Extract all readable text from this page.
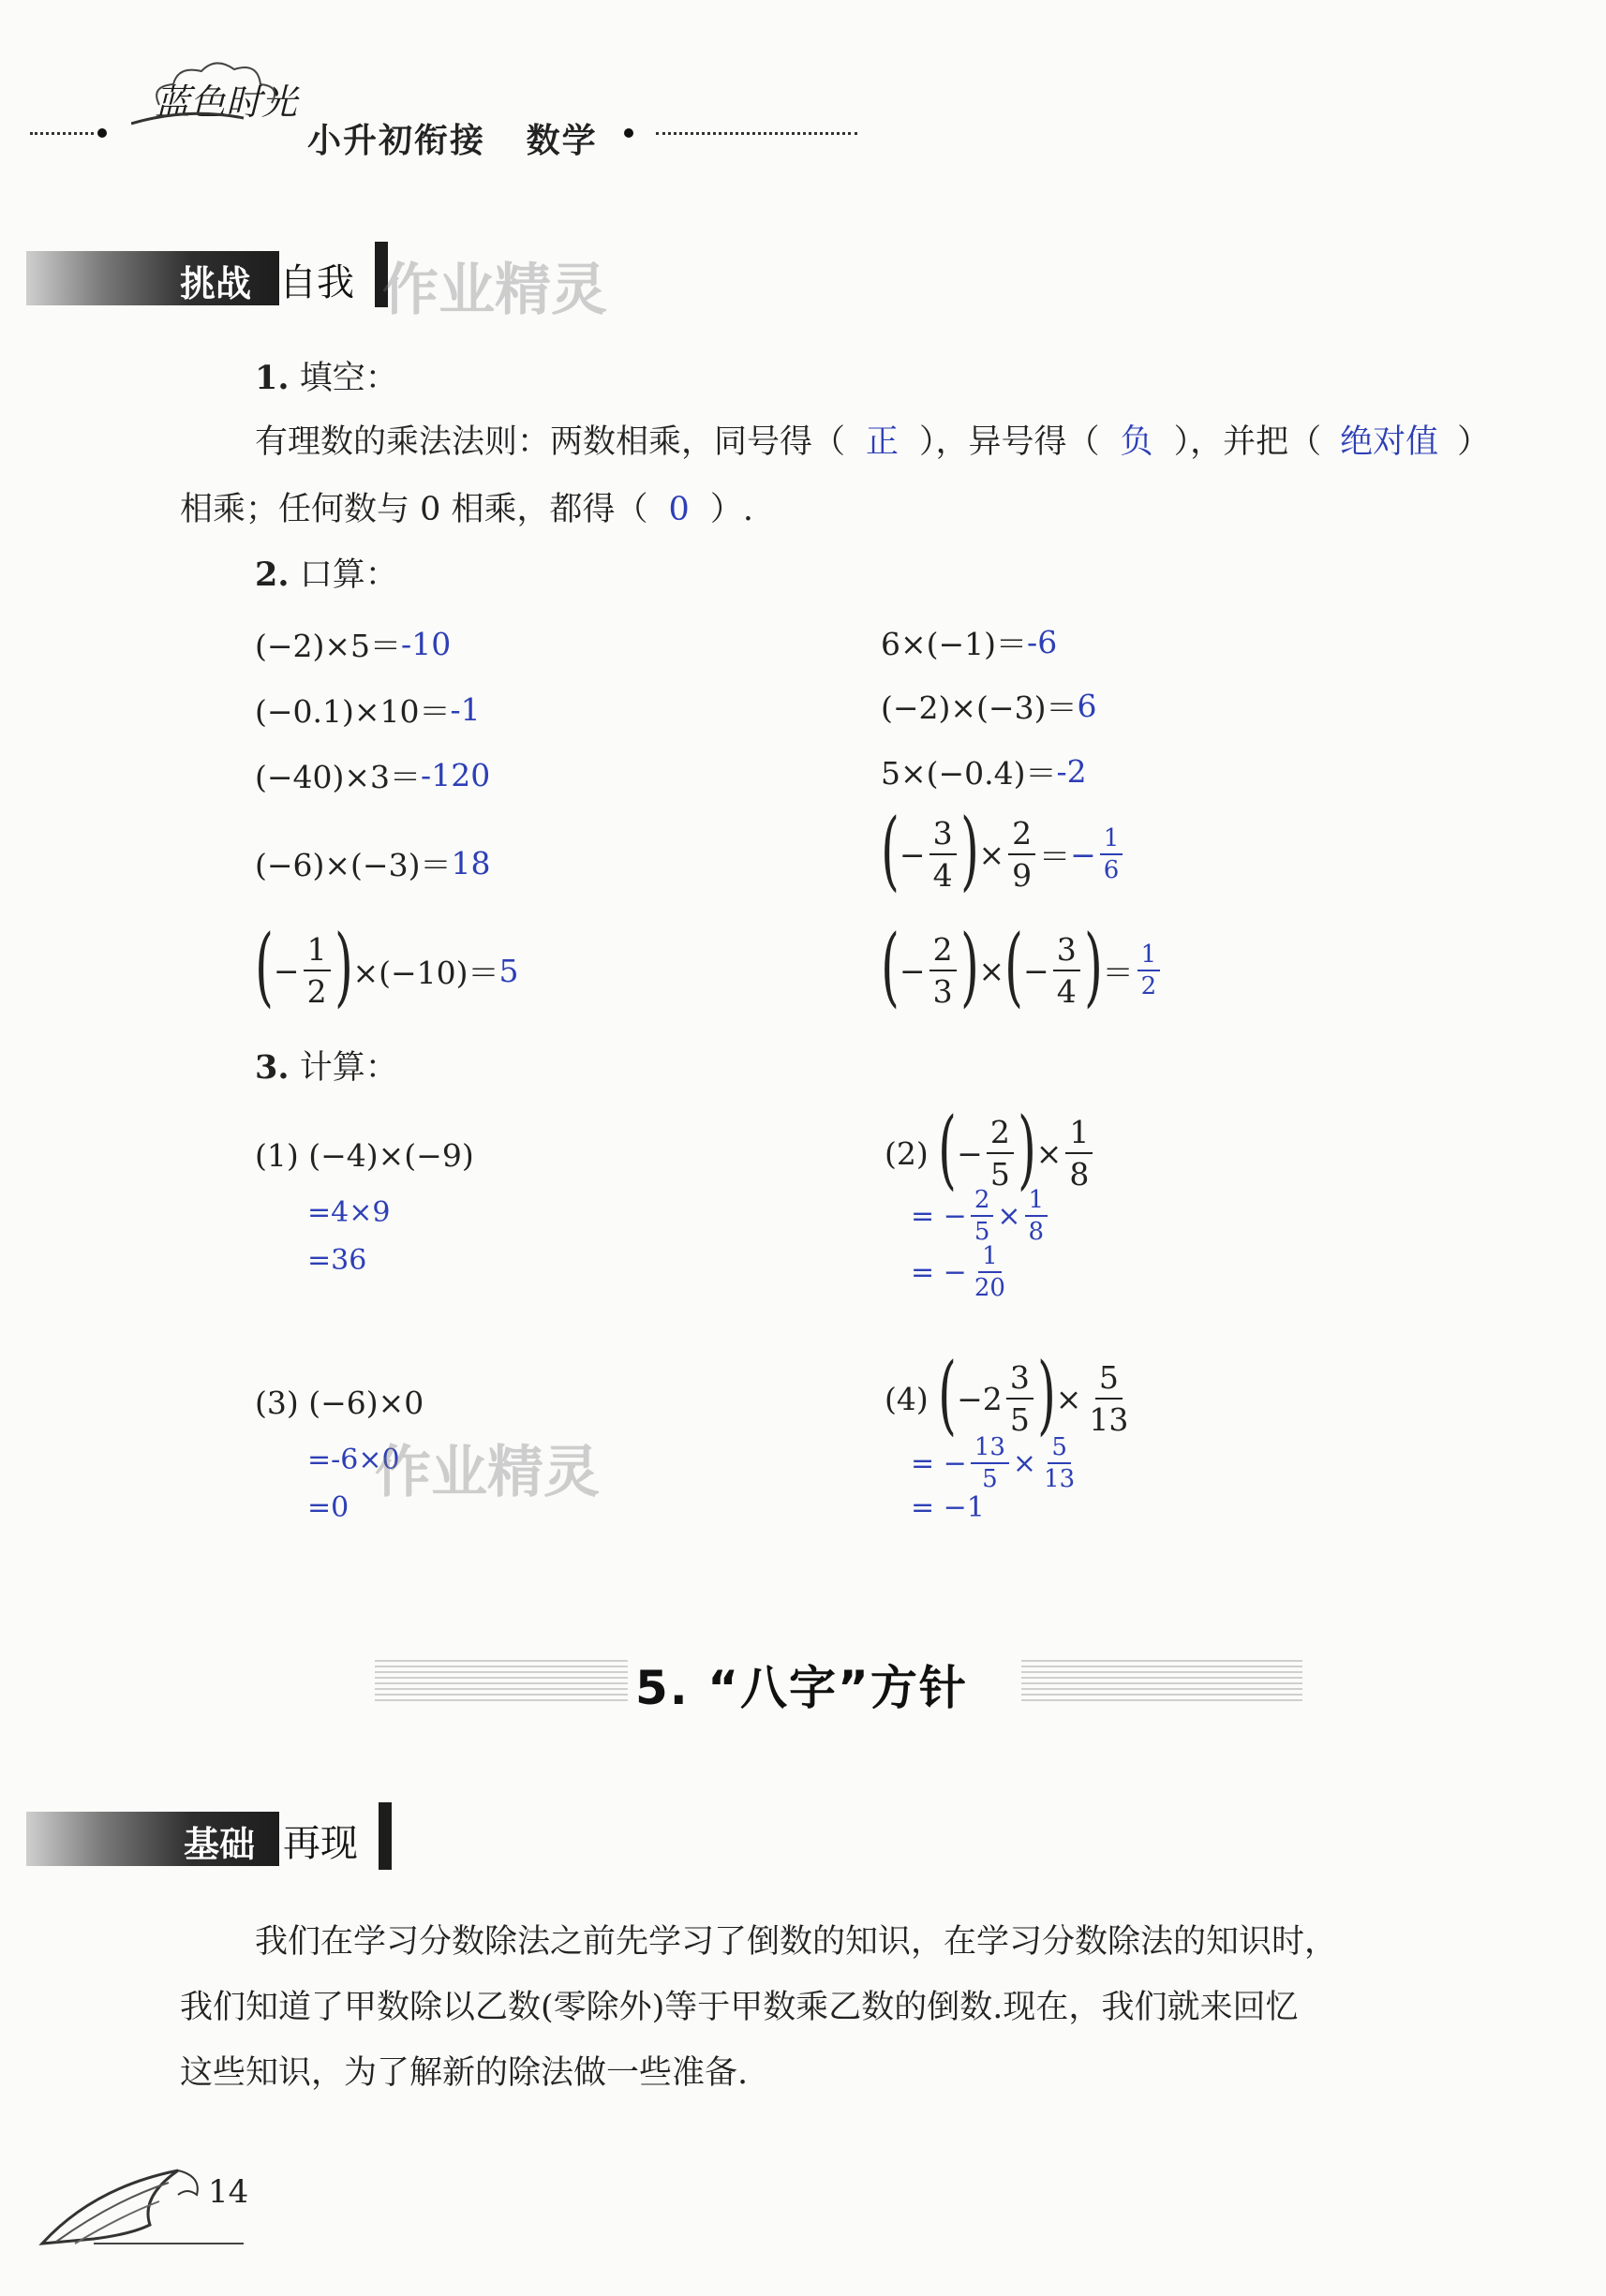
蓝色时光
小升初衔接 数学
挑战 自我 作业精灵
1. 填空：
有理数的乘法法则：两数相乘，同号得（ 正 ），异号得（ 负 ），并把（ 绝对值 ）
相乘；任何数与 0 相乘，都得（ 0 ）.
2. 口算：
(−2)×5＝ -10
(−0.1)×10＝ -1
(−40)×3＝ -120
(−6)×(−3)＝ 18
6×(−1)＝ -6
(−2)×(−3)＝ 6
5×(−0.4)＝ -2
( − $\frac{3}{4}$ ) × $\frac{2}{9}$ ＝ − $\frac{1}{6}$
( − $\frac{1}{2}$ ) ×(−10)＝ 5	( − $\frac{2}{3}$ ) × ( − $\frac{3}{4}$ ) ＝ $\frac{1}{2}$
3. 计算：
(1)
(−4)×(−9)
=4×9
=36
(2)
( − $\frac{2}{5}$ ) × $\frac{1}{8}$
= − $\frac{2}{5} \times \frac{1}{8}$
= − $\frac{1}{20}$
(3)
(−6)×0
=-6×0
=0
作业精灵
(4)
( $-2 \frac{3}{5}$ ) × $\frac{5}{13}$
= − $\frac{13}{5} \times \frac{5}{13}$
= −1
5. “八字”方针
基础 再现
我们在学习分数除法之前先学习了倒数的知识，在学习分数除法的知识时，
我们知道了甲数除以乙数(零除外)等于甲数乘乙数的倒数.现在，我们就来回忆
这些知识，为了解新的除法做一些准备.
14
